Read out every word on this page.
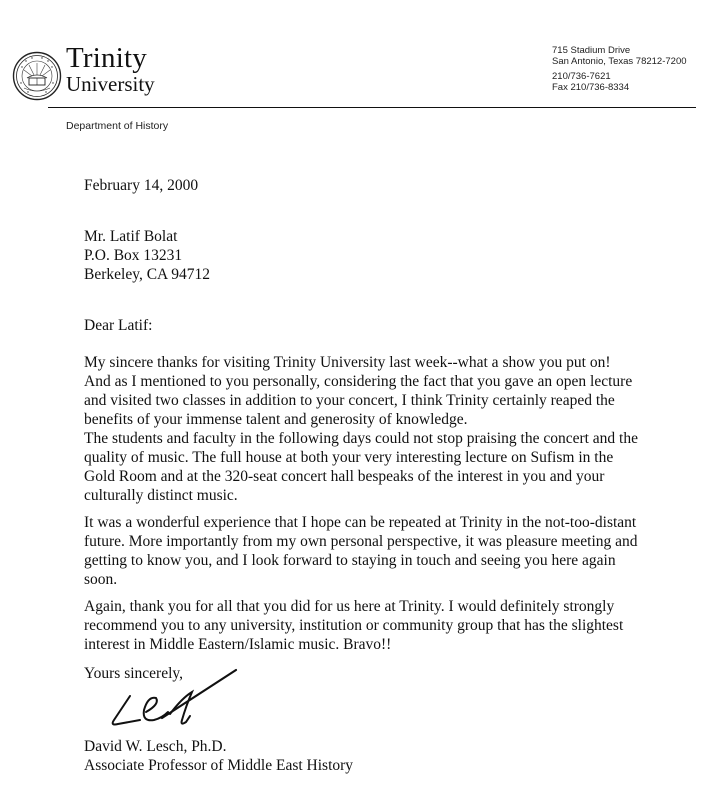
Trinity
University
715 Stadium Drive
San Antonio, Texas 78212-7200
210/736-7621
Fax 210/736-8334
Department of History
February 14, 2000
Mr. Latif Bolat
P.O. Box 13231
Berkeley, CA 94712
Dear Latif:
My sincere thanks for visiting Trinity University last week--what a show you put on!
And as I mentioned to you personally, considering the fact that you gave an open lecture
and visited two classes in addition to your concert, I think Trinity certainly reaped the
benefits of your immense talent and generosity of knowledge.
The students and faculty in the following days could not stop praising the concert and the
quality of music. The full house at both your very interesting lecture on Sufism in the
Gold Room and at the 320-seat concert hall bespeaks of the interest in you and your
culturally distinct music.
It was a wonderful experience that I hope can be repeated at Trinity in the not-too-distant
future. More importantly from my own personal perspective, it was pleasure meeting and
getting to know you, and I look forward to staying in touch and seeing you here again
soon.
Again, thank you for all that you did for us here at Trinity. I would definitely strongly
recommend you to any university, institution or community group that has the slightest
interest in Middle Eastern/Islamic music. Bravo!!
Yours sincerely,
David W. Lesch, Ph.D.
Associate Professor of Middle East History
